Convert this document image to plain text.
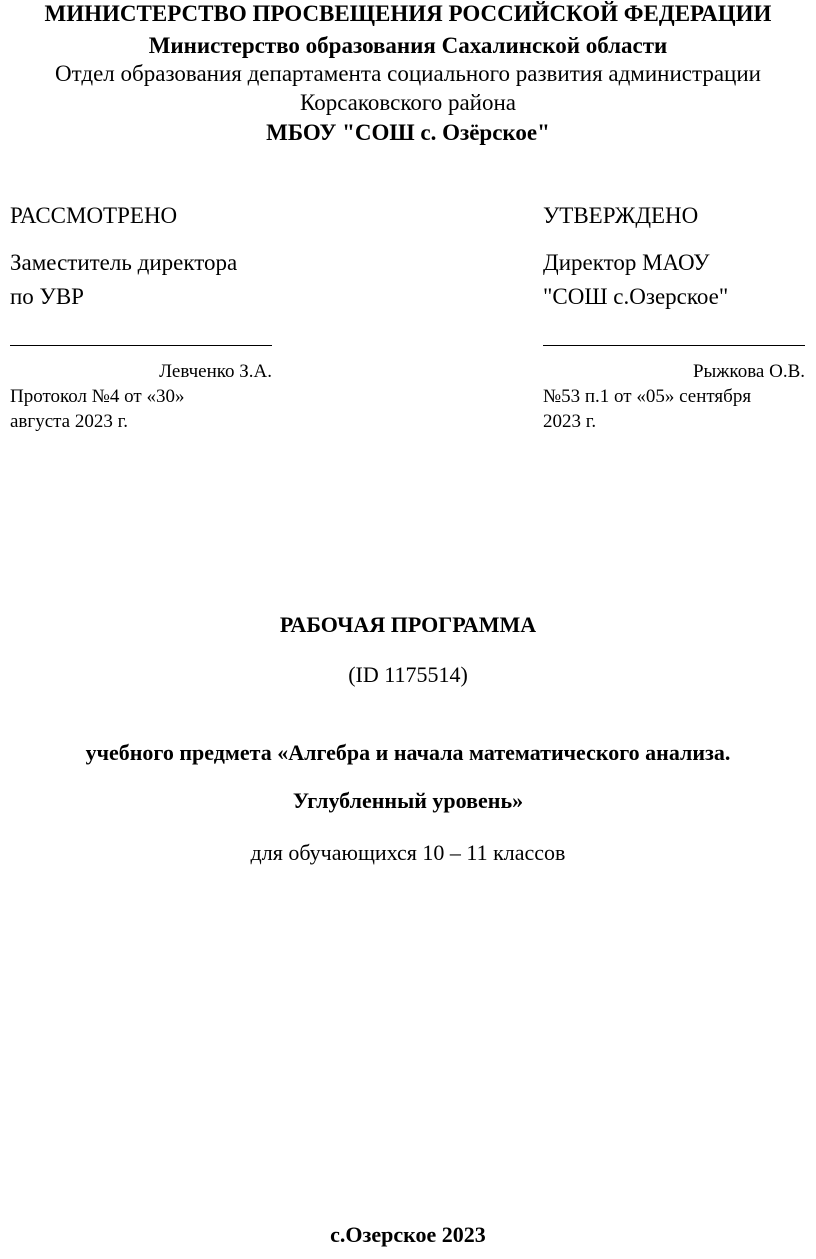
МИНИСТЕРСТВО ПРОСВЕЩЕНИЯ РОССИЙСКОЙ ФЕДЕРАЦИИ
Министерство образования Сахалинской области
Отдел образования департамента социального развития администрации
Корсаковского района
МБОУ "СОШ с. Озёрское"
РАССМОТРЕНО
Заместитель директора
по УВР
Левченко З.А.
Протокол №4 от «30»
августа 2023 г.
УТВЕРЖДЕНО
Директор МАОУ
"СОШ с.Озерское"
Рыжкова О.В.
№53 п.1 от «05» сентября
2023 г.
РАБОЧАЯ ПРОГРАММА
(ID 1175514)
учебного предмета «Алгебра и начала математического анализа.
Углубленный уровень»
для обучающихся 10 – 11 классов
с.Озерское 2023
